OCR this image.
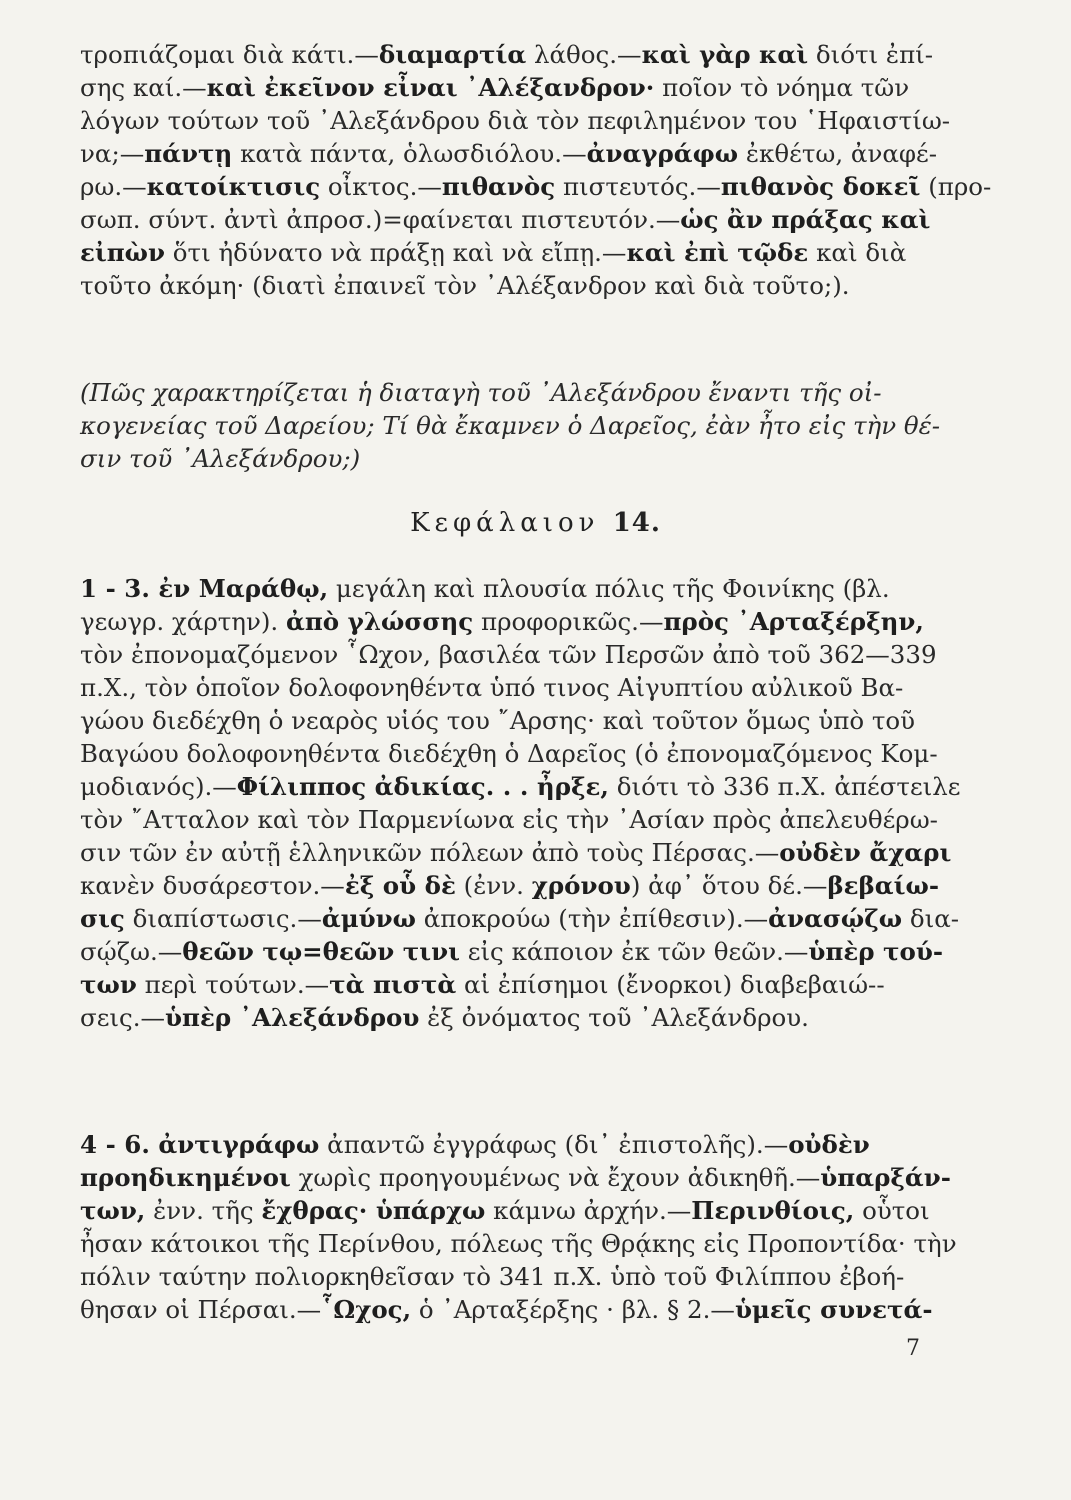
τροπιάζομαι διὰ κάτι.—διαμαρτία λάθος.—καὶ γὰρ καὶ διότι ἐπί-
σης καί.—καὶ ἐκεῖνον εἶναι ᾿Αλέξανδρον· ποῖον τὸ νόημα τῶν
λόγων τούτων τοῦ ᾿Αλεξάνδρου διὰ τὸν πεφιλημένον του ῾Ηφαιστίω-
να;—πάντῃ κατὰ πάντα, ὁλωσδιόλου.—ἀναγράφω ἐκθέτω, ἀναφέ-
ρω.—κατοίκτισις οἶκτος.—πιθανὸς πιστευτός.—πιθανὸς δοκεῖ (προ-
σωπ. σύντ. ἀντὶ ἀπροσ.)=φαίνεται πιστευτόν.—ὡς ἂν πράξας καὶ
εἰπὼν ὅτι ἠδύνατο νὰ πράξῃ καὶ νὰ εἴπῃ.—καὶ ἐπὶ τῷδε καὶ διὰ
τοῦτο ἀκόμη· (διατὶ ἐπαινεῖ τὸν ᾿Αλέξανδρον καὶ διὰ τοῦτο;).
(Πῶς χαρακτηρίζεται ἡ διαταγὴ τοῦ ᾿Αλεξάνδρου ἔναντι τῆς οἰ-
κογενείας τοῦ Δαρείου; Τί θὰ ἔκαμνεν ὁ Δαρεῖος, ἐὰν ἦτο εἰς τὴν θέ-
σιν τοῦ ᾿Αλεξάνδρου;)
Κεφάλαιον 14.
1 - 3. ἐν Μαράθῳ, μεγάλη καὶ πλουσία πόλις τῆς Φοινίκης (βλ.
γεωγρ. χάρτην). ἀπὸ γλώσσης προφορικῶς.—πρὸς ᾿Αρταξέρξην,
τὸν ἐπονομαζόμενον ῟Ωχον, βασιλέα τῶν Περσῶν ἀπὸ τοῦ 362—339
π.Χ., τὸν ὁποῖον δολοφονηθέντα ὑπό τινος Αἰγυπτίου αὐλικοῦ Βα-
γώου διεδέχθη ὁ νεαρὸς υἱός του ῎Αρσης· καὶ τοῦτον ὅμως ὑπὸ τοῦ
Βαγώου δολοφονηθέντα διεδέχθη ὁ Δαρεῖος (ὁ ἐπονομαζόμενος Κομ-
μοδιανός).—Φίλιππος ἀδικίας. . . ἦρξε, διότι τὸ 336 π.Χ. ἀπέστειλε
τὸν ῎Ατταλον καὶ τὸν Παρμενίωνα εἰς τὴν ᾿Ασίαν πρὸς ἀπελευθέρω-
σιν τῶν ἐν αὐτῇ ἑλληνικῶν πόλεων ἀπὸ τοὺς Πέρσας.—οὐδὲν ἄχαρι
κανὲν δυσάρεστον.—ἐξ οὗ δὲ (ἐνν. χρόνου) ἀφ᾽ ὅτου δέ.—βεβαίω-
σις διαπίστωσις.—ἀμύνω ἀποκρούω (τὴν ἐπίθεσιν).—ἀνασῴζω δια-
σῴζω.—θεῶν τῳ=θεῶν τινι εἰς κάποιον ἐκ τῶν θεῶν.—ὑπὲρ τού-
των περὶ τούτων.—τὰ πιστὰ αἱ ἐπίσημοι (ἔνορκοι) διαβεβαιώ--
σεις.—ὑπὲρ ᾿Αλεξάνδρου ἐξ ὀνόματος τοῦ ᾿Αλεξάνδρου.
4 - 6. ἀντιγράφω ἀπαντῶ ἐγγράφως (δι᾽ ἐπιστολῆς).—οὐδὲν
προηδικημένοι χωρὶς προηγουμένως νὰ ἔχουν ἀδικηθῆ.—ὑπαρξάν-
των, ἐνν. τῆς ἔχθρας· ὑπάρχω κάμνω ἀρχήν.—Περινθίοις, οὗτοι
ἦσαν κάτοικοι τῆς Περίνθου, πόλεως τῆς Θρᾴκης εἰς Προποντίδα· τὴν
πόλιν ταύτην πολιορκηθεῖσαν τὸ 341 π.Χ. ὑπὸ τοῦ Φιλίππου ἐβοή-
θησαν οἱ Πέρσαι.—῟Ωχος, ὁ ᾿Αρταξέρξης · βλ. § 2.—ὑμεῖς συνετά-
7
